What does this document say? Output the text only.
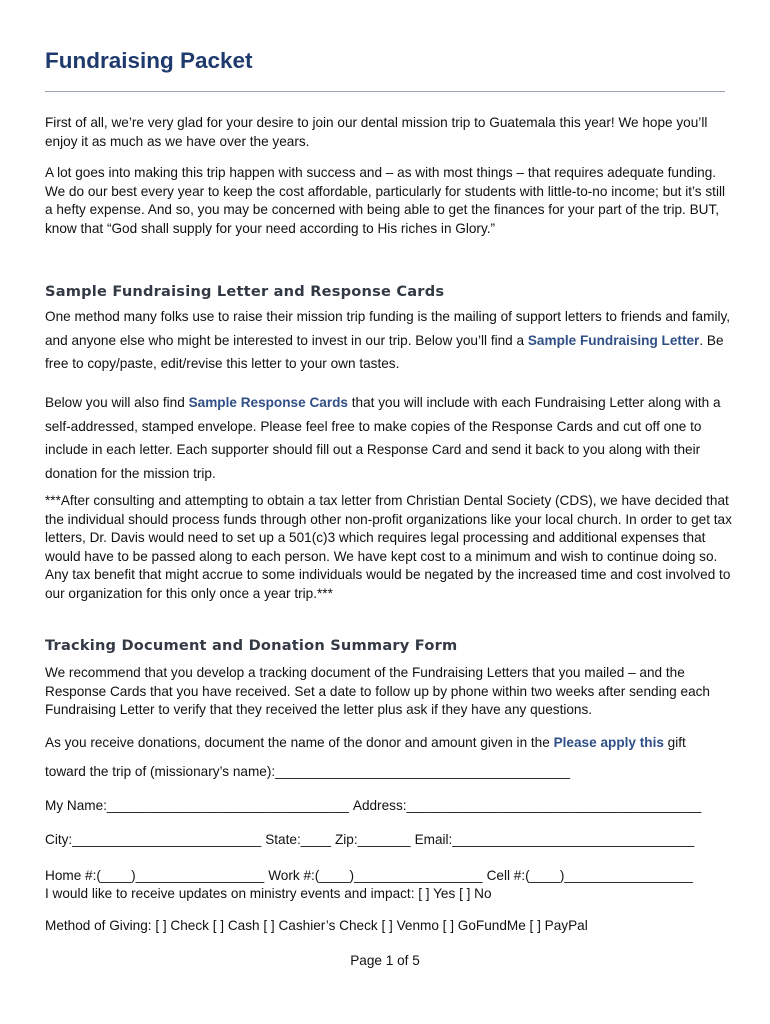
Fundraising Packet

First of all, we’re very glad for your desire to join our dental mission trip to Guatemala this year! We hope you’ll enjoy it as much as we have over the years.

A lot goes into making this trip happen with success and – as with most things – that requires adequate funding. We do our best every year to keep the cost affordable, particularly for students with little-to-no income; but it’s still a hefty expense. And so, you may be concerned with being able to get the finances for your part of the trip. BUT, know that “God shall supply for your need according to His riches in Glory.”

Sample Fundraising Letter and Response Cards

One method many folks use to raise their mission trip funding is the mailing of support letters to friends and family, and anyone else who might be interested to invest in our trip. Below you’ll find a Sample Fundraising Letter. Be free to copy/paste, edit/revise this letter to your own tastes.

Below you will also find Sample Response Cards that you will include with each Fundraising Letter along with a self-addressed, stamped envelope. Please feel free to make copies of the Response Cards and cut off one to include in each letter. Each supporter should fill out a Response Card and send it back to you along with their donation for the mission trip.

***After consulting and attempting to obtain a tax letter from Christian Dental Society (CDS), we have decided that the individual should process funds through other non-profit organizations like your local church. In order to get tax letters, Dr. Davis would need to set up a 501(c)3 which requires legal processing and additional expenses that would have to be passed along to each person. We have kept cost to a minimum and wish to continue doing so. Any tax benefit that might accrue to some individuals would be negated by the increased time and cost involved to our organization for this only once a year trip.***

Tracking Document and Donation Summary Form

We recommend that you develop a tracking document of the Fundraising Letters that you mailed – and the Response Cards that you have received. Set a date to follow up by phone within two weeks after sending each Fundraising Letter to verify that they received the letter plus ask if they have any questions.

As you receive donations, document the name of the donor and amount given in the Please apply this gift

toward the trip of (missionary’s name):_______________________________________

My Name:________________________________ Address:_______________________________________

City:_________________________ State:____ Zip:_______ Email:________________________________

Home #:(____)_________________ Work #:(____)_________________ Cell #:(____)_________________

I would like to receive updates on ministry events and impact: [ ] Yes [ ] No

Method of Giving: [ ] Check [ ] Cash [ ] Cashier’s Check [ ] Venmo [ ] GoFundMe [ ] PayPal

Page 1 of 5
